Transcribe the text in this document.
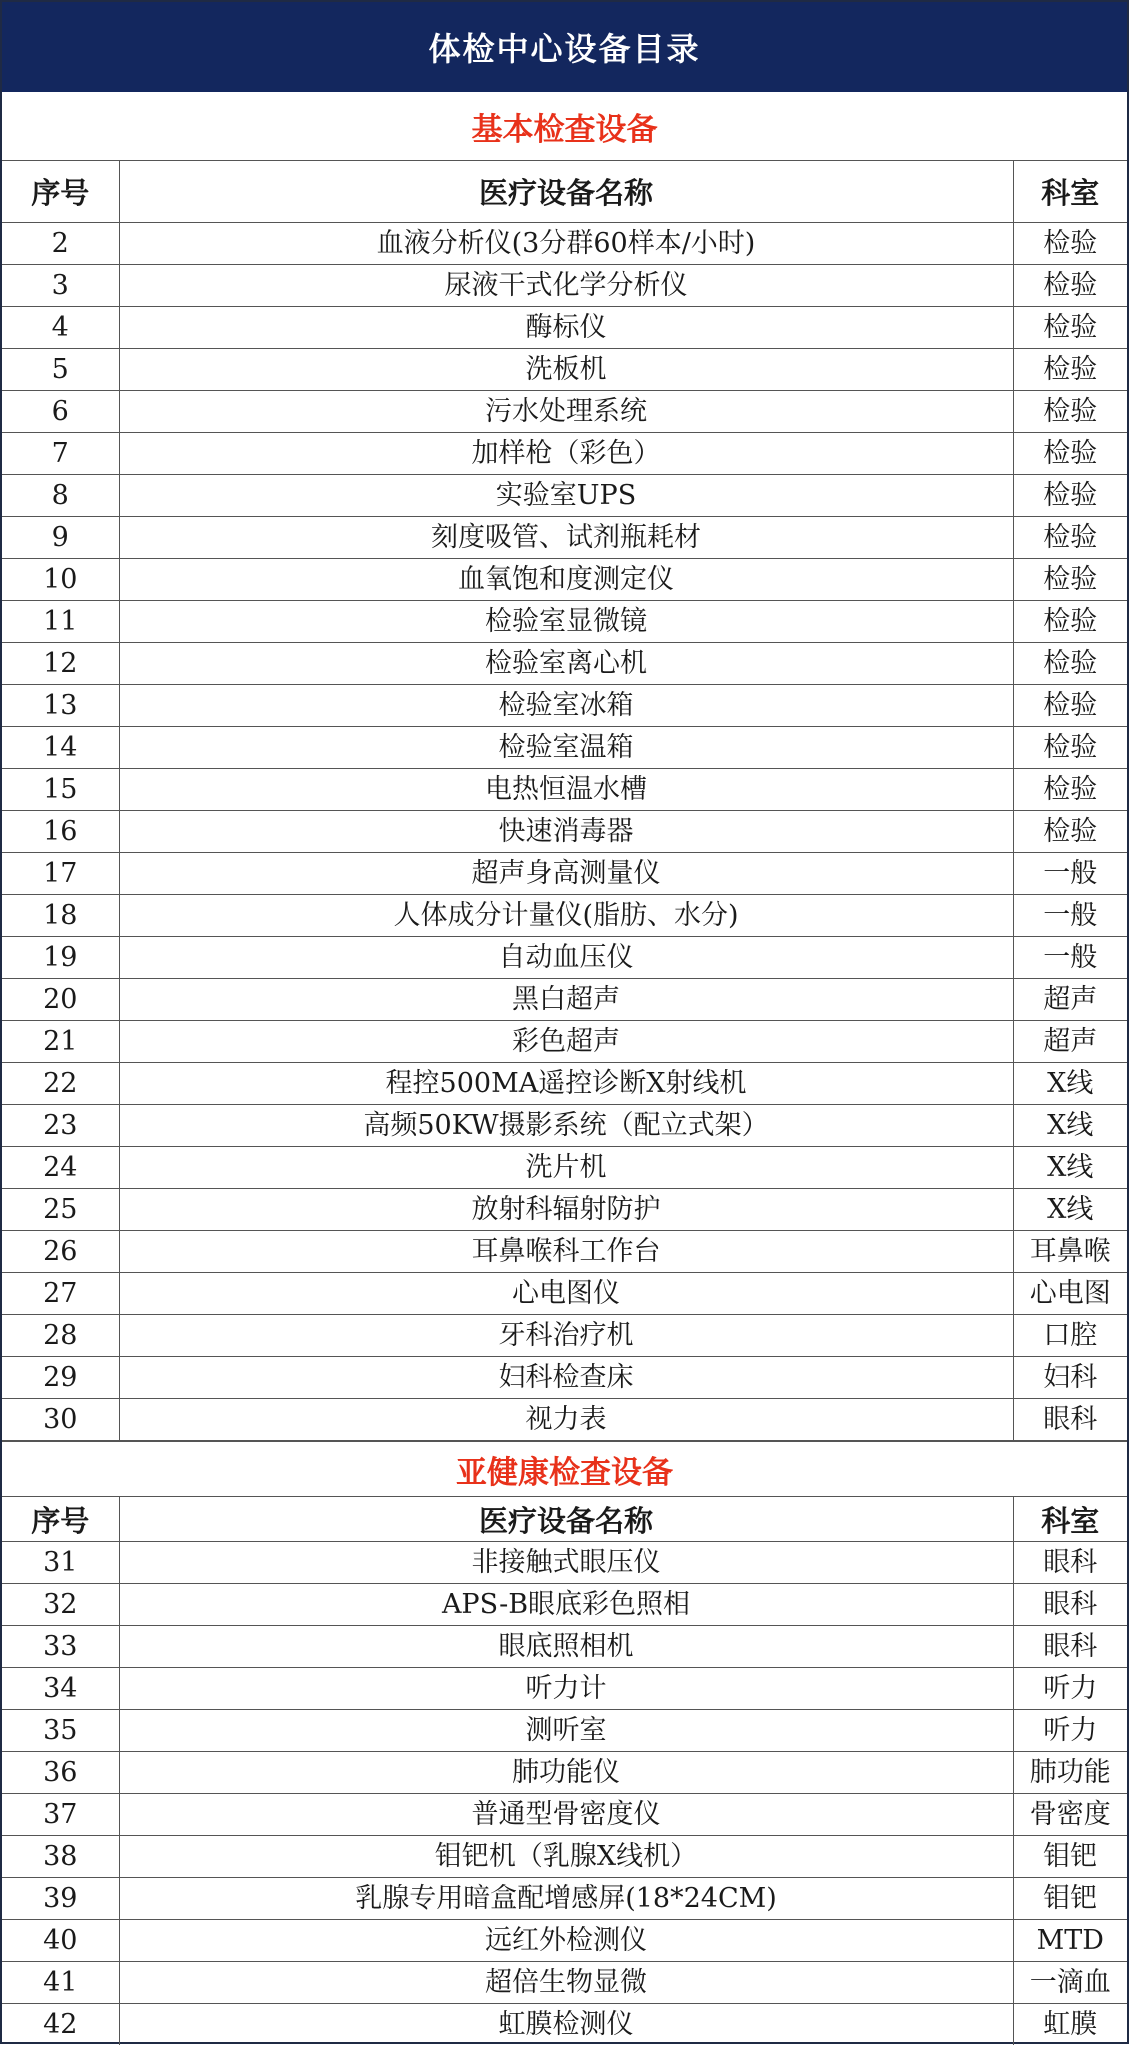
体检中心设备目录
基本检查设备
序号	医疗设备名称	科室
2	血液分析仪(3分群60样本/小时)	检验
3	尿液干式化学分析仪	检验
4	酶标仪	检验
5	洗板机	检验
6	污水处理系统	检验
7	加样枪（彩色）	检验
8	实验室UPS	检验
9	刻度吸管、试剂瓶耗材	检验
10	血氧饱和度测定仪	检验
11	检验室显微镜	检验
12	检验室离心机	检验
13	检验室冰箱	检验
14	检验室温箱	检验
15	电热恒温水槽	检验
16	快速消毒器	检验
17	超声身高测量仪	一般
18	人体成分计量仪(脂肪、水分)	一般
19	自动血压仪	一般
20	黑白超声	超声
21	彩色超声	超声
22	程控500MA遥控诊断X射线机	X线
23	高频50KW摄影系统（配立式架）	X线
24	洗片机	X线
25	放射科辐射防护	X线
26	耳鼻喉科工作台	耳鼻喉
27	心电图仪	心电图
28	牙科治疗机	口腔
29	妇科检查床	妇科
30	视力表	眼科
亚健康检查设备
序号	医疗设备名称	科室
31	非接触式眼压仪	眼科
32	APS-B眼底彩色照相	眼科
33	眼底照相机	眼科
34	听力计	听力
35	测听室	听力
36	肺功能仪	肺功能
37	普通型骨密度仪	骨密度
38	钼钯机（乳腺X线机）	钼钯
39	乳腺专用暗盒配增感屏(18*24CM)	钼钯
40	远红外检测仪	MTD
41	超倍生物显微	一滴血
42	虹膜检测仪	虹膜
